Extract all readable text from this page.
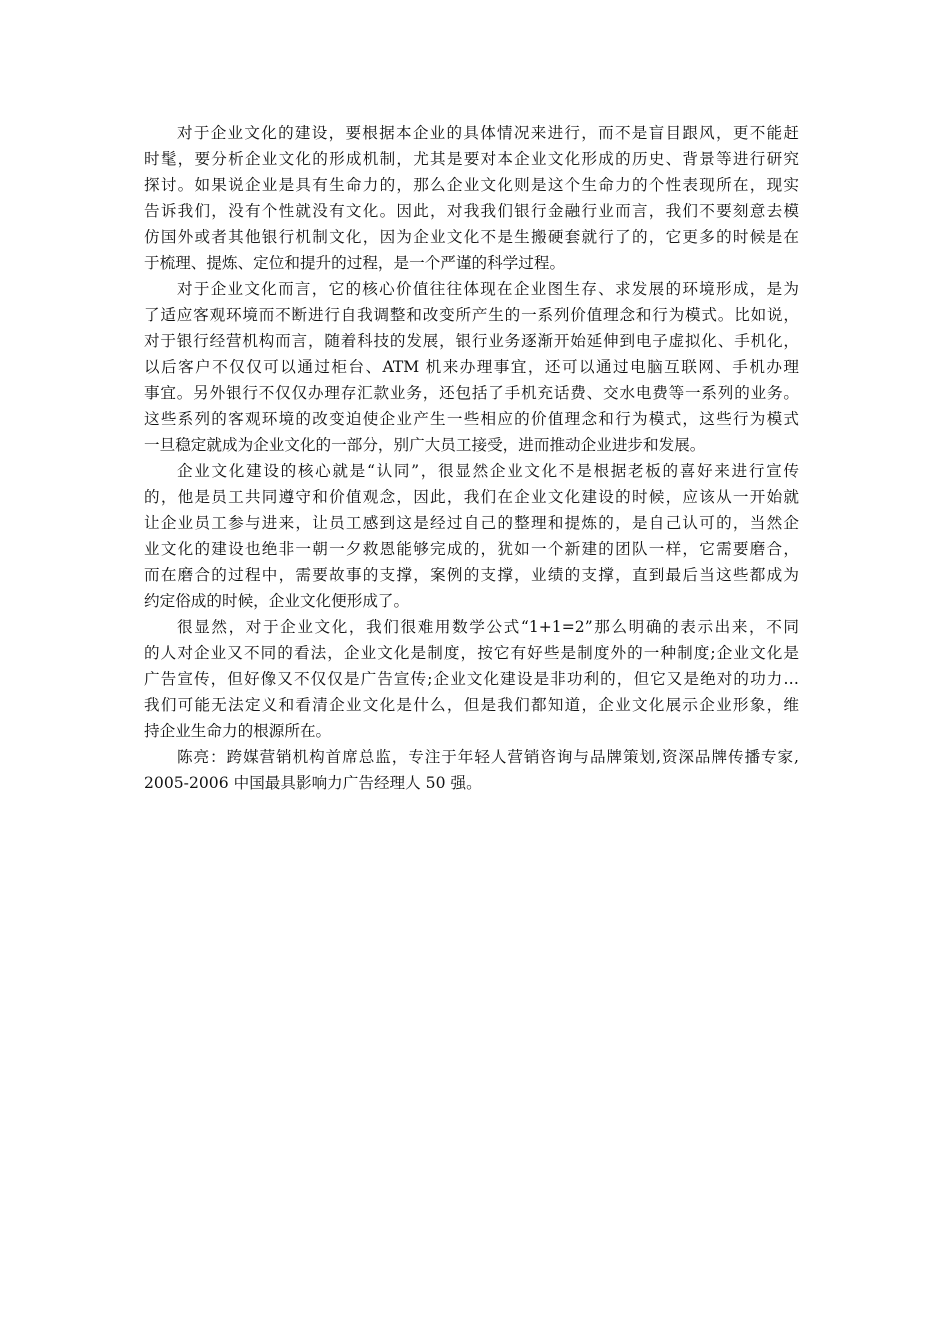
对于企业文化的建设，要根据本企业的具体情况来进行，而不是盲目跟风，更不能赶
时髦，要分析企业文化的形成机制，尤其是要对本企业文化形成的历史、背景等进行研究
探讨。如果说企业是具有生命力的，那么企业文化则是这个生命力的个性表现所在，现实
告诉我们，没有个性就没有文化。因此，对我我们银行金融行业而言，我们不要刻意去模
仿国外或者其他银行机制文化，因为企业文化不是生搬硬套就行了的，它更多的时候是在
于梳理、提炼、定位和提升的过程，是一个严谨的科学过程。
对于企业文化而言，它的核心价值往往体现在企业图生存、求发展的环境形成，是为
了适应客观环境而不断进行自我调整和改变所产生的一系列价值理念和行为模式。比如说，
对于银行经营机构而言，随着科技的发展，银行业务逐渐开始延伸到电子虚拟化、手机化，
以后客户不仅仅可以通过柜台、ATM 机来办理事宜，还可以通过电脑互联网、手机办理
事宜。另外银行不仅仅办理存汇款业务，还包括了手机充话费、交水电费等一系列的业务。
这些系列的客观环境的改变迫使企业产生一些相应的价值理念和行为模式，这些行为模式
一旦稳定就成为企业文化的一部分，别广大员工接受，进而推动企业进步和发展。
企业文化建设的核心就是“认同”，很显然企业文化不是根据老板的喜好来进行宣传
的，他是员工共同遵守和价值观念，因此，我们在企业文化建设的时候，应该从一开始就
让企业员工参与进来，让员工感到这是经过自己的整理和提炼的，是自己认可的，当然企
业文化的建设也绝非一朝一夕救恩能够完成的，犹如一个新建的团队一样，它需要磨合，
而在磨合的过程中，需要故事的支撑，案例的支撑，业绩的支撑，直到最后当这些都成为
约定俗成的时候，企业文化便形成了。
很显然，对于企业文化，我们很难用数学公式“1+1=2”那么明确的表示出来，不同
的人对企业又不同的看法，企业文化是制度，按它有好些是制度外的一种制度;企业文化是
广告宣传，但好像又不仅仅是广告宣传;企业文化建设是非功利的，但它又是绝对的功力…
我们可能无法定义和看清企业文化是什么，但是我们都知道，企业文化展示企业形象，维
持企业生命力的根源所在。
陈亮：跨媒营销机构首席总监，专注于年轻人营销咨询与品牌策划,资深品牌传播专家,
2005-2006 中国最具影响力广告经理人 50 强。
